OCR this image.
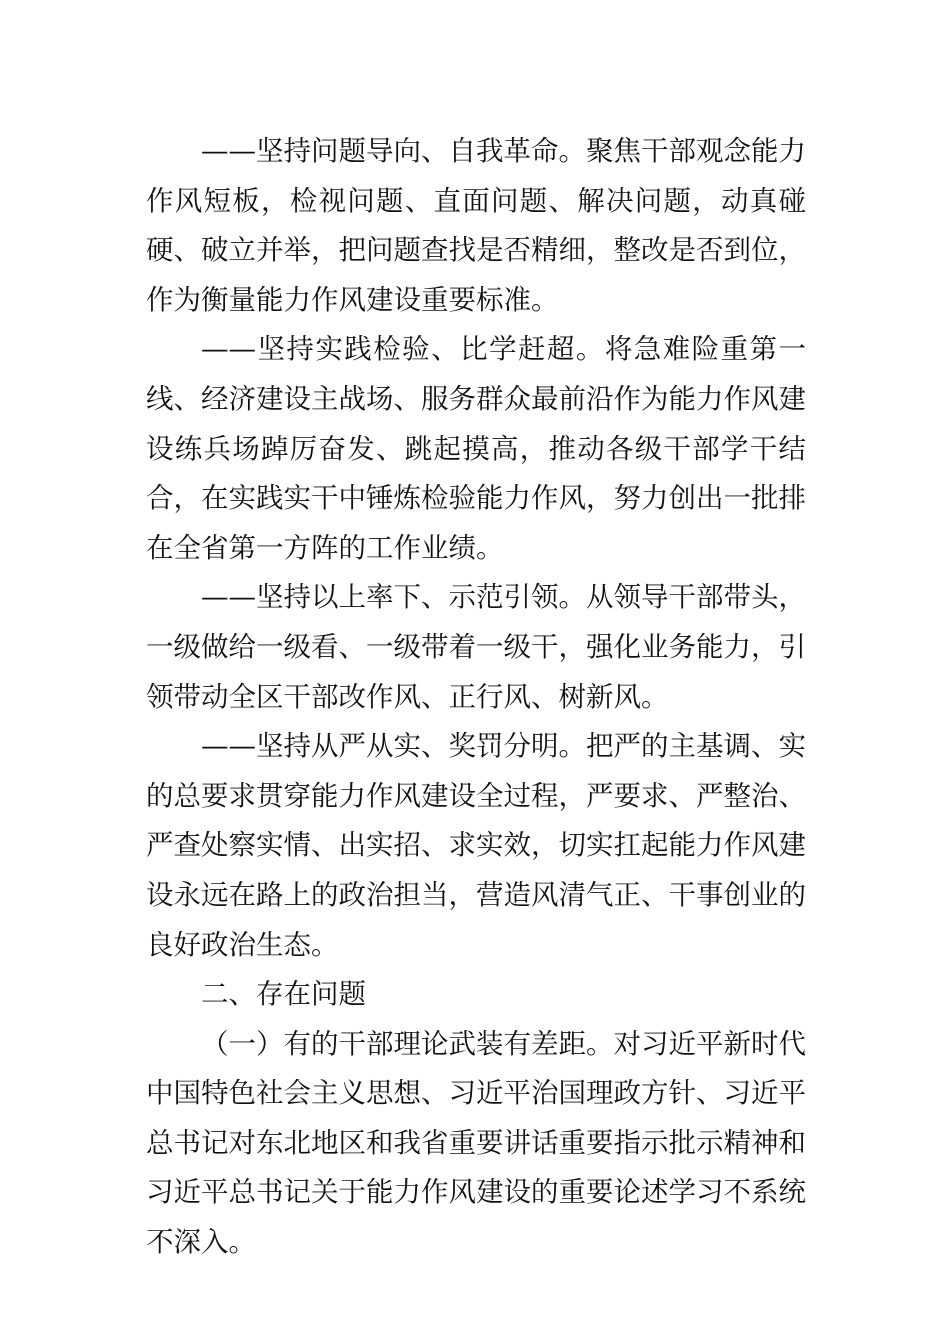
——坚持问题导向、自我革命。聚焦干部观念能力作风短板，检视问题、直面问题、解决问题，动真碰硬、破立并举，把问题查找是否精细，整改是否到位，作为衡量能力作风建设重要标准。

——坚持实践检验、比学赶超。将急难险重第一线、经济建设主战场、服务群众最前沿作为能力作风建设练兵场踔厉奋发、跳起摸高，推动各级干部学干结合，在实践实干中锤炼检验能力作风，努力创出一批排在全省第一方阵的工作业绩。

——坚持以上率下、示范引领。从领导干部带头，一级做给一级看、一级带着一级干，强化业务能力，引领带动全区干部改作风、正行风、树新风。

——坚持从严从实、奖罚分明。把严的主基调、实的总要求贯穿能力作风建设全过程，严要求、严整治、严查处察实情、出实招、求实效，切实扛起能力作风建设永远在路上的政治担当，营造风清气正、干事创业的良好政治生态。

二、存在问题

（一）有的干部理论武装有差距。对习近平新时代中国特色社会主义思想、习近平治国理政方针、习近平总书记对东北地区和我省重要讲话重要指示批示精神和习近平总书记关于能力作风建设的重要论述学习不系统不深入。
